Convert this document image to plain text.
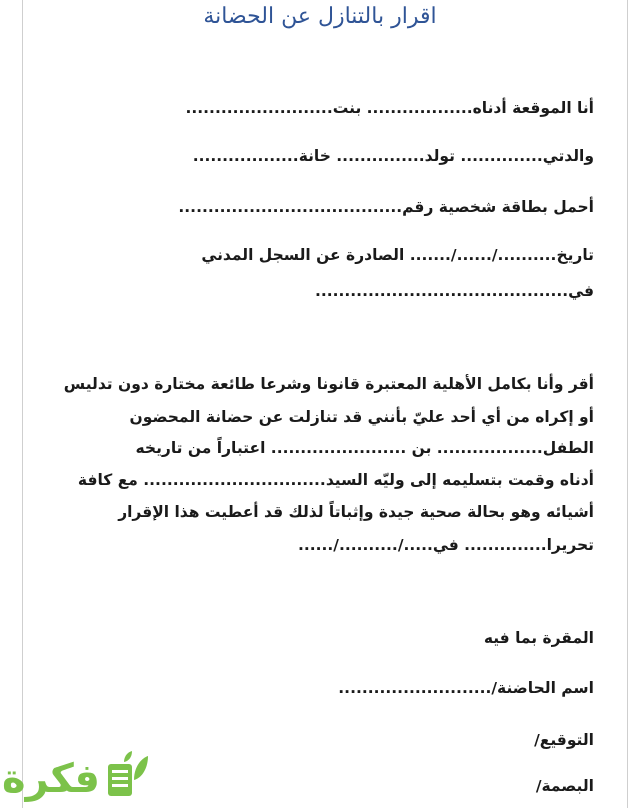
اقرار بالتنازل عن الحضانة
أنا الموقعة أدناه.................. بنت.........................
والدتي.............. تولد............... خانة..................
أحمل بطاقة شخصية رقم......................................
تاريخ........../....../....... الصادرة عن السجل المدني
في...........................................
أقر وأنا بكامل الأهلية المعتبرة قانونا وشرعا طائعة مختارة دون تدليس
أو إكراه من أي أحد عليّ بأنني قد تنازلت عن حضانة المحضون
الطفل.................. بن ....................... اعتباراً من تاريخه
أدناه وقمت بتسليمه إلى وليّه السيد............................... مع كافة
أشيائه وهو بحالة صحية جيدة وإثباتاً لذلك قد أعطيت هذا الإقرار
تحريرا.............. في...../........../......
المقرة بما فيه
اسم الحاضنة/..........................
التوقيع/
البصمة/
فكرة
